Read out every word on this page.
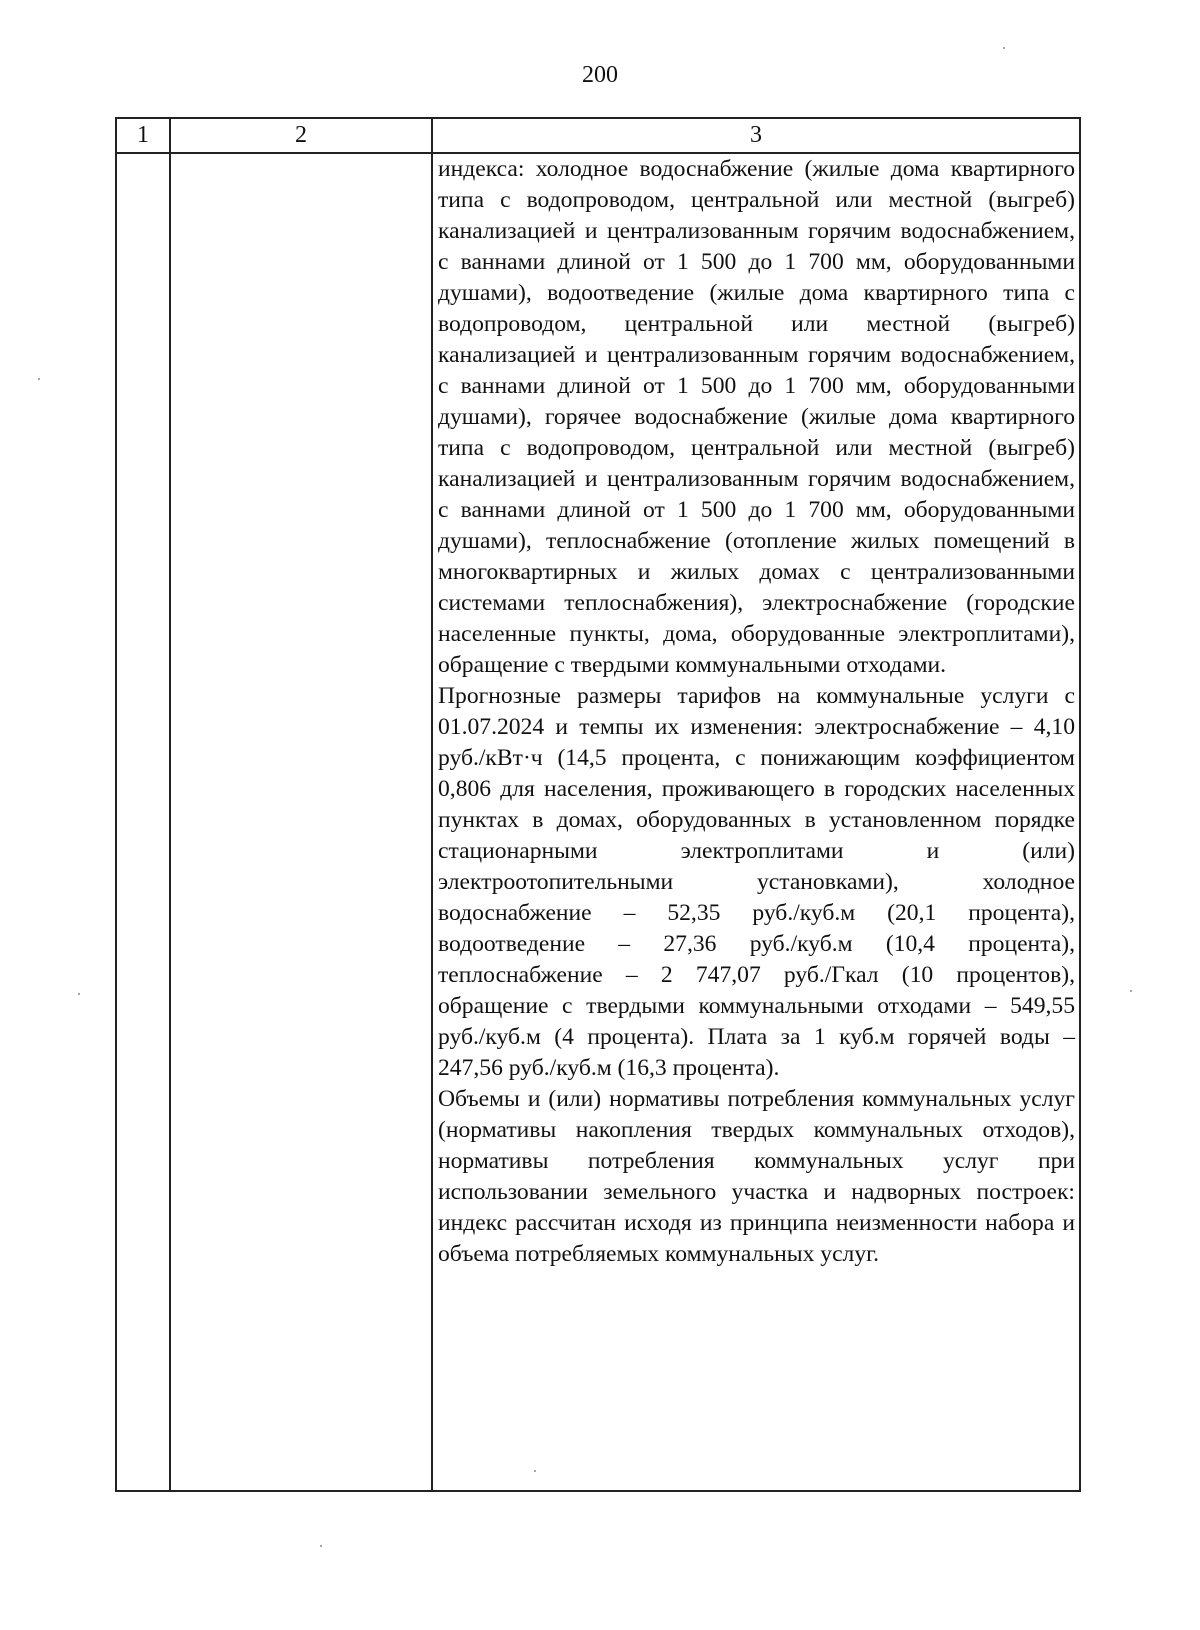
200
1	2	3

индекса: холодное водоснабжение (жилые дома квартирного типа с водопроводом, центральной или местной (выгреб) канализацией и централизованным горячим водоснабжением, с ваннами длиной от 1 500 до 1 700 мм, оборудованными душами), водоотведение (жилые дома квартирного типа с водопроводом, центральной или местной (выгреб) канализацией и централизованным горячим водоснабжением, с ваннами длиной от 1 500 до 1 700 мм, оборудованными душами), горячее водоснабжение (жилые дома квартирного типа с водопроводом, центральной или местной (выгреб) канализацией и централизованным горячим водоснабжением, с ваннами длиной от 1 500 до 1 700 мм, оборудованными душами), теплоснабжение (отопление жилых помещений в многоквартирных и жилых домах с централизованными системами теплоснабжения), электроснабжение (городские населенные пункты, дома, оборудованные электроплитами), обращение с твердыми коммунальными отходами.

Прогнозные размеры тарифов на коммунальные услуги с 01.07.2024 и темпы их изменения: электроснабжение – 4,10 руб./кВт·ч (14,5 процента, с понижающим коэффициентом 0,806 для населения, проживающего в городских населенных пунктах в домах, оборудованных в установленном порядке стационарными электроплитами и (или) электроотопительными установками), холодное водоснабжение – 52,35 руб./куб.м (20,1 процента), водоотведение – 27,36 руб./куб.м (10,4 процента), теплоснабжение – 2 747,07 руб./Гкал (10 процентов), обращение с твердыми коммунальными отходами – 549,55 руб./куб.м (4 процента). Плата за 1 куб.м горячей воды – 247,56 руб./куб.м (16,3 процента).

Объемы и (или) нормативы потребления коммунальных услуг (нормативы накопления твердых коммунальных отходов), нормативы потребления коммунальных услуг при использовании земельного участка и надворных построек: индекс рассчитан исходя из принципа неизменности набора и объема потребляемых коммунальных услуг.
